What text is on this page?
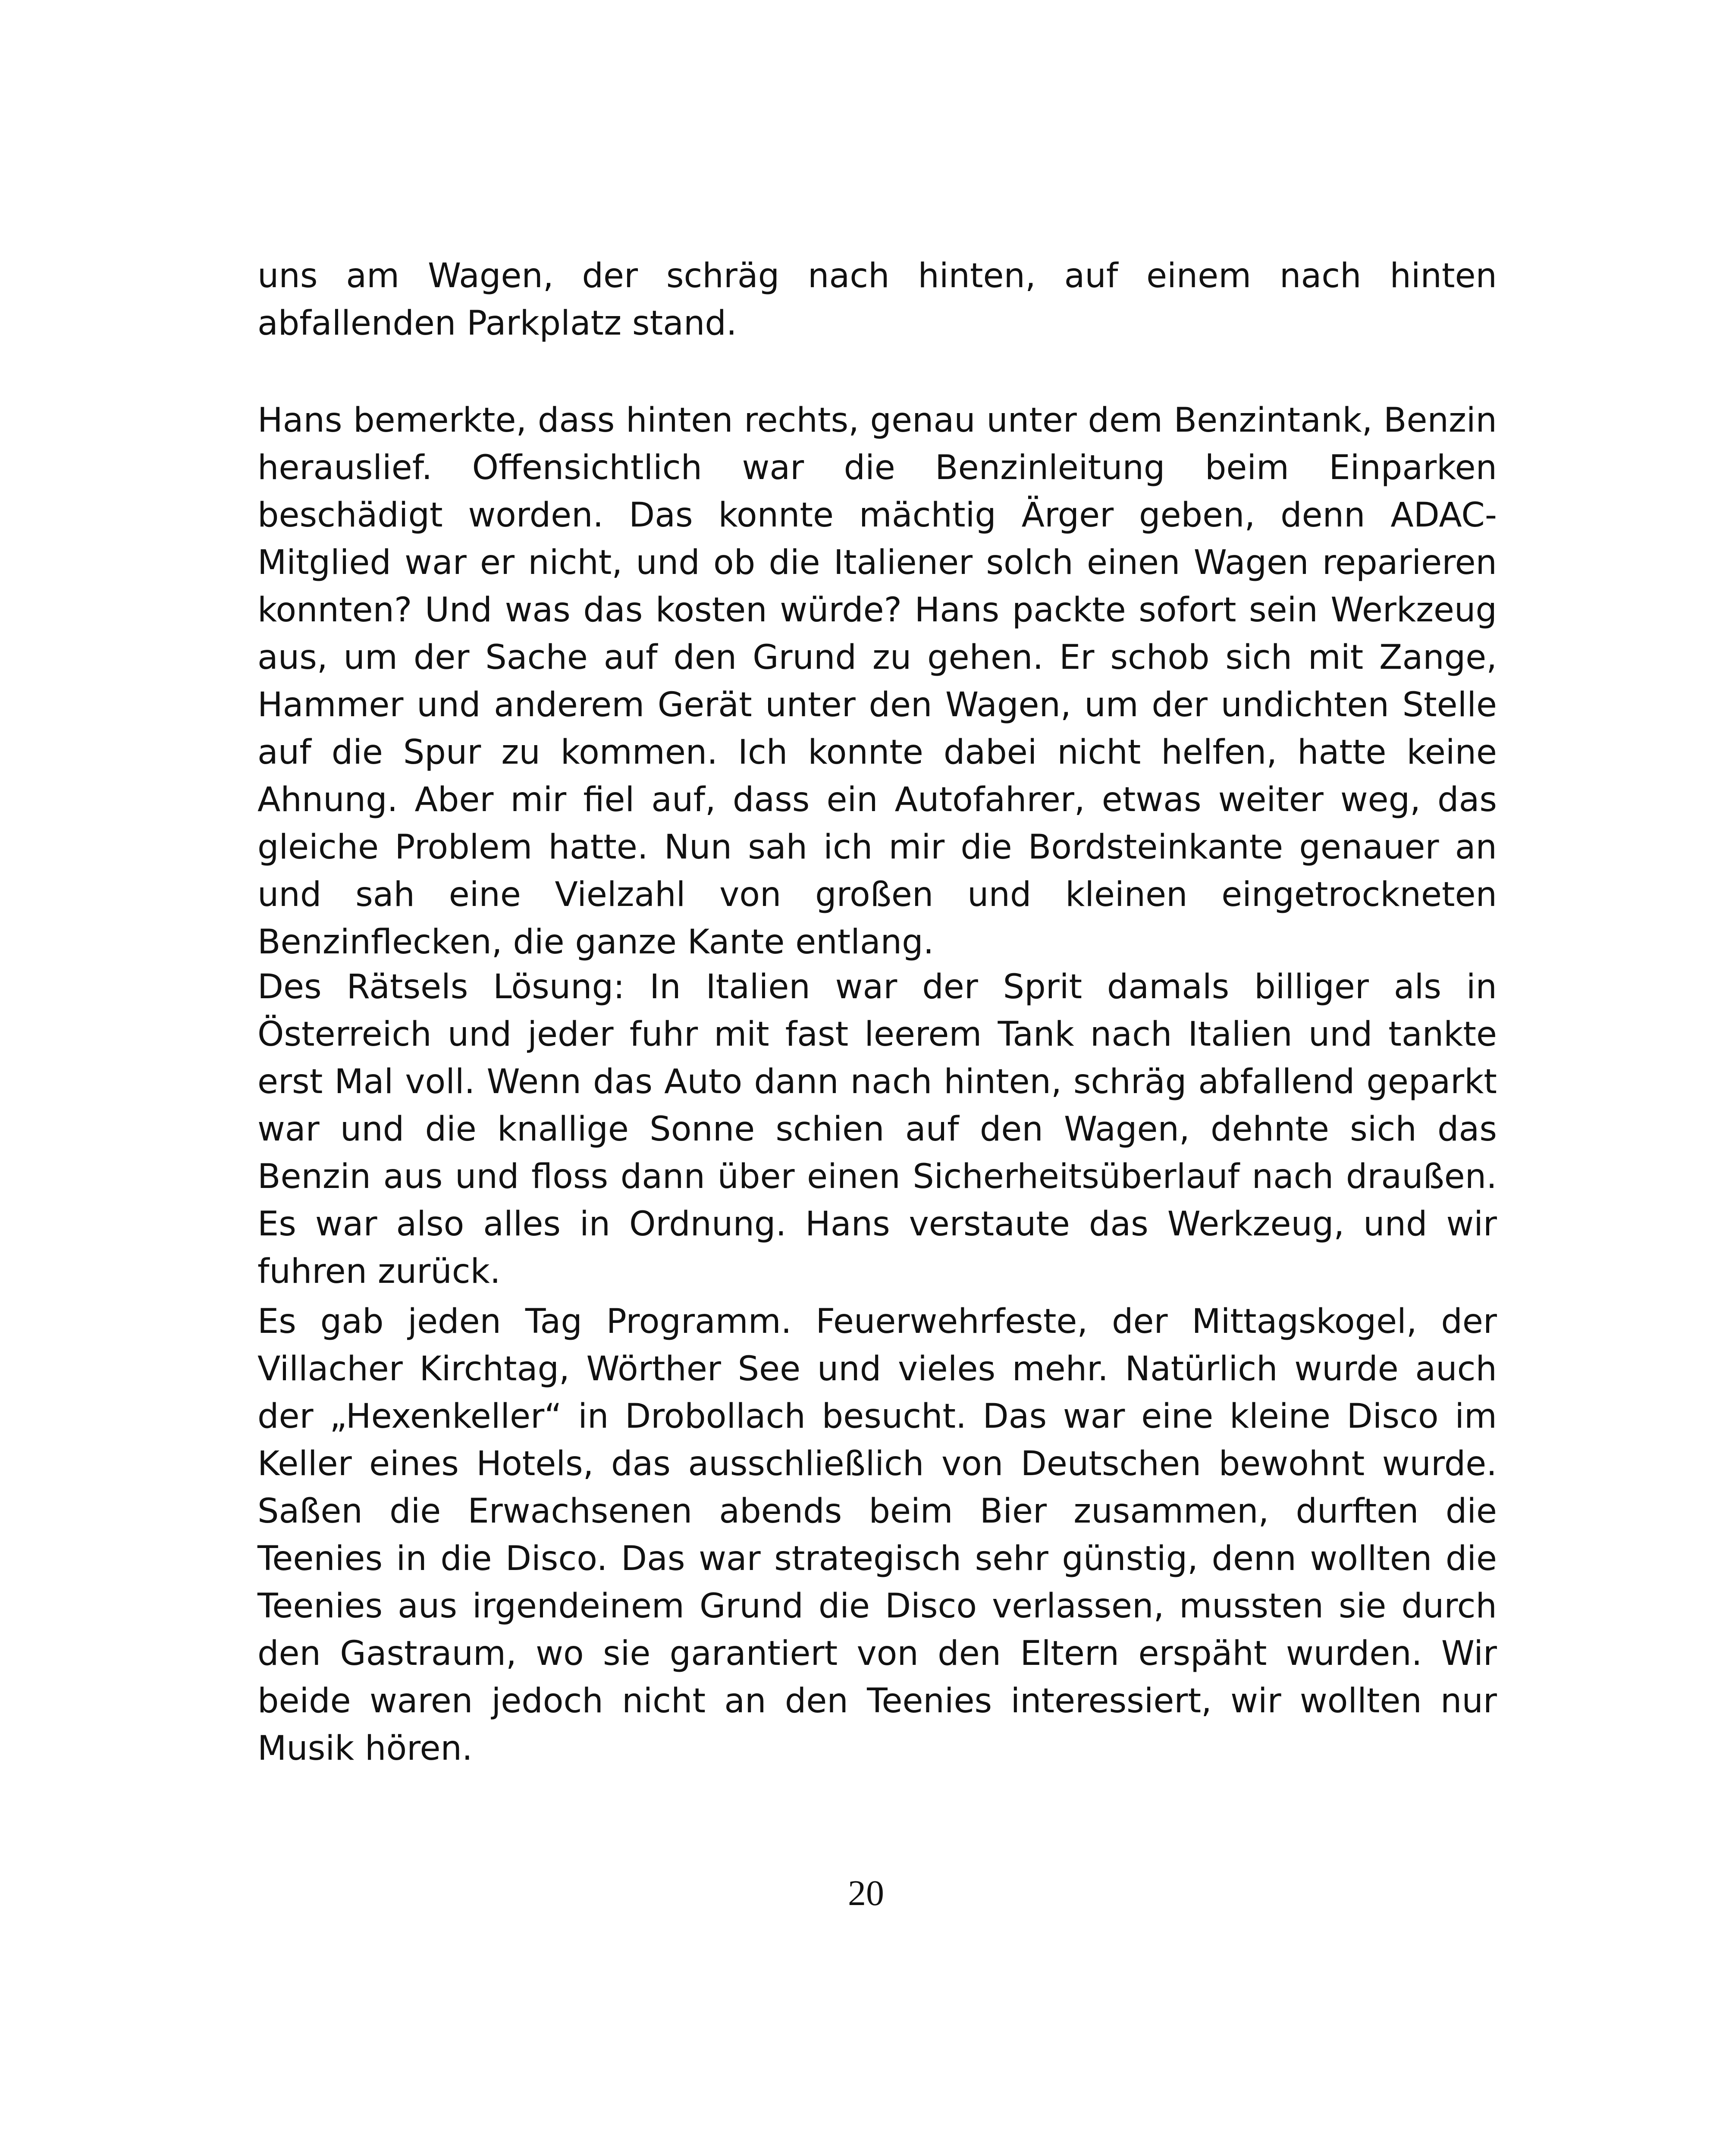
uns am Wagen, der schräg nach hinten, auf einem nach hinten abfallenden Parkplatz stand.

Hans bemerkte, dass hinten rechts, genau unter dem Benzintank, Benzin herauslief. Offensichtlich war die Benzinleitung beim Einparken beschädigt worden. Das konnte mächtig Ärger geben, denn ADAC-Mitglied war er nicht, und ob die Italiener solch einen Wagen reparieren konnten? Und was das kosten würde? Hans packte sofort sein Werkzeug aus, um der Sache auf den Grund zu gehen. Er schob sich mit Zange, Hammer und anderem Gerät unter den Wagen, um der undichten Stelle auf die Spur zu kommen. Ich konnte dabei nicht helfen, hatte keine Ahnung. Aber mir fiel auf, dass ein Autofahrer, etwas weiter weg, das gleiche Problem hatte. Nun sah ich mir die Bordsteinkante genauer an und sah eine Vielzahl von großen und kleinen eingetrockneten Benzinflecken, die ganze Kante entlang.

Des Rätsels Lösung: In Italien war der Sprit damals billiger als in Österreich und jeder fuhr mit fast leerem Tank nach Italien und tankte erst Mal voll. Wenn das Auto dann nach hinten, schräg abfallend geparkt war und die knallige Sonne schien auf den Wagen, dehnte sich das Benzin aus und floss dann über einen Sicherheitsüberlauf nach draußen. Es war also alles in Ordnung. Hans verstaute das Werkzeug, und wir fuhren zurück.

Es gab jeden Tag Programm. Feuerwehrfeste, der Mittagskogel, der Villacher Kirchtag, Wörther See und vieles mehr. Natürlich wurde auch der „Hexenkeller“ in Drobollach besucht. Das war eine kleine Disco im Keller eines Hotels, das ausschließlich von Deutschen bewohnt wurde. Saßen die Erwachsenen abends beim Bier zusammen, durften die Teenies in die Disco. Das war strategisch sehr günstig, denn wollten die Teenies aus irgendeinem Grund die Disco verlassen, mussten sie durch den Gastraum, wo sie garantiert von den Eltern erspäht wurden. Wir beide waren jedoch nicht an den Teenies interessiert, wir wollten nur Musik hören.

20
